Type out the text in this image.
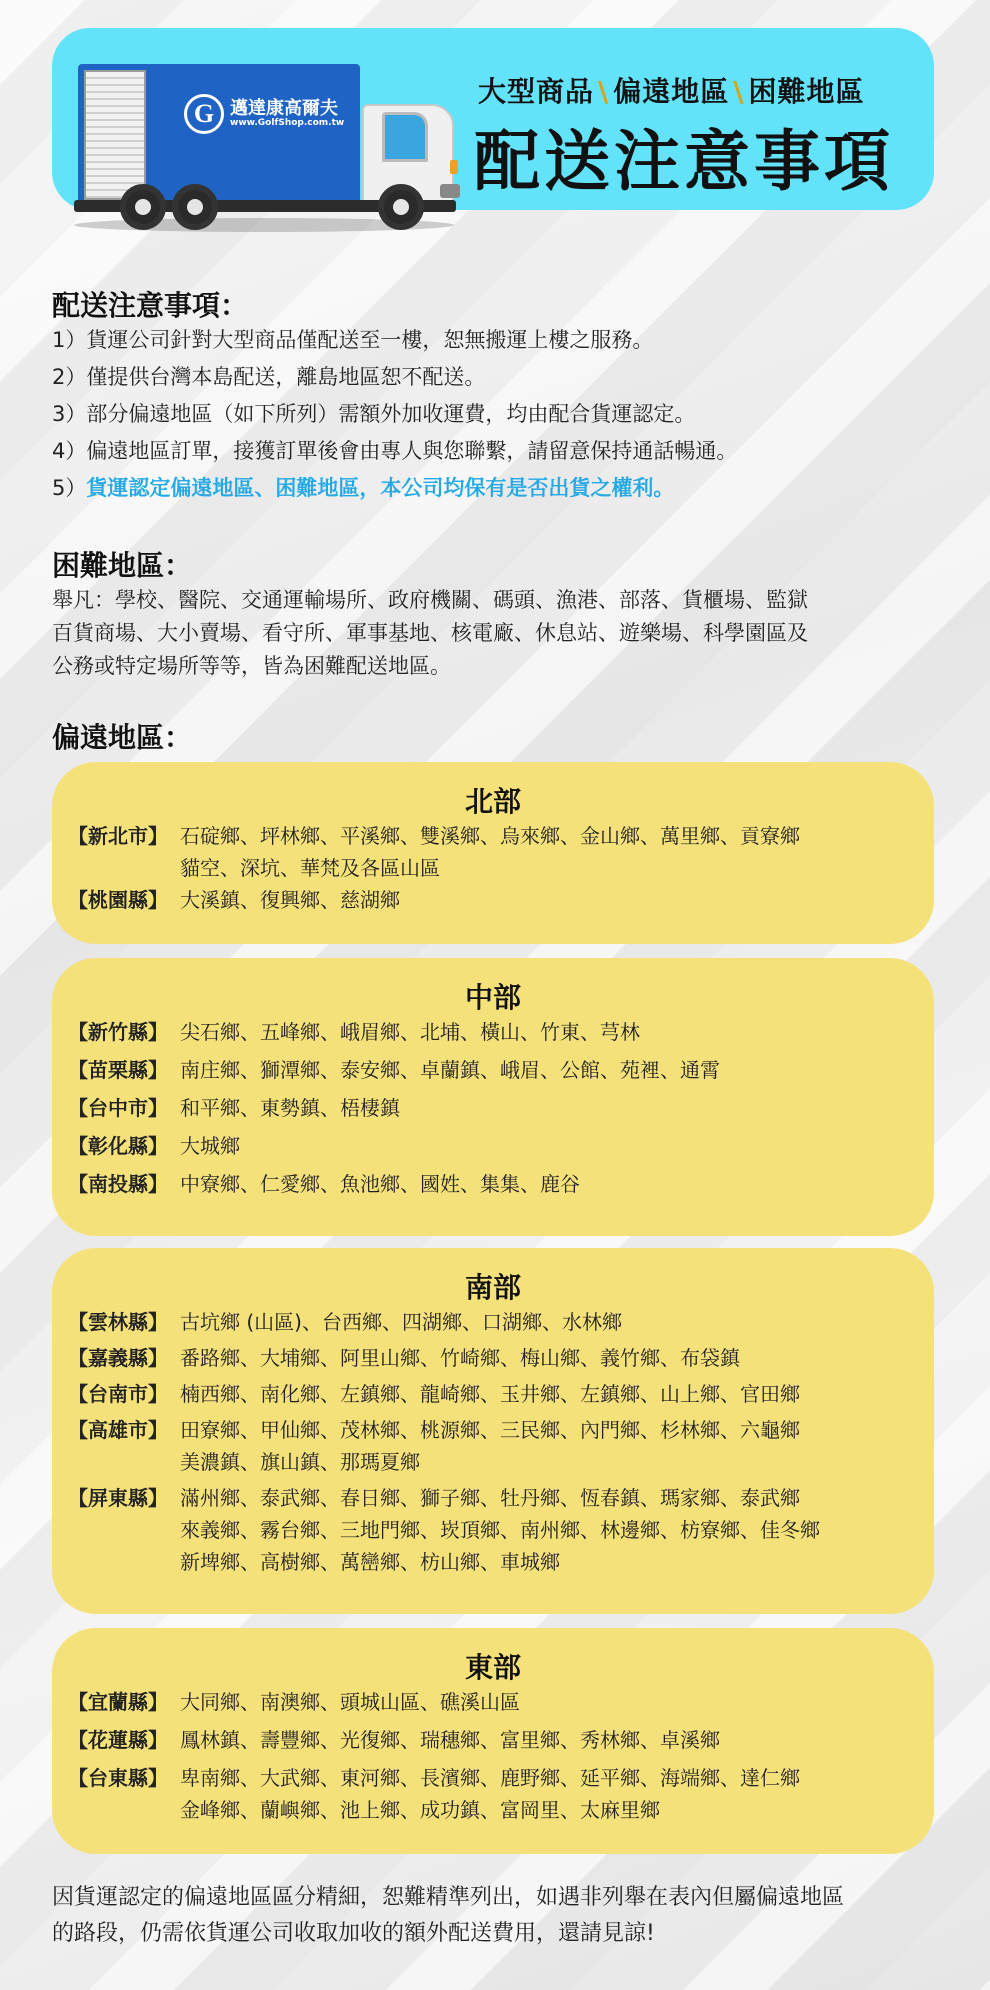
G 邁達康高爾夫
www.GolfShop.com.tw
大型商品 \ 偏遠地區 \ 困難地區
配送注意事項
配送注意事項：
1）貨運公司針對大型商品僅配送至一樓，恕無搬運上樓之服務。
2）僅提供台灣本島配送，離島地區恕不配送。
3）部分偏遠地區（如下所列）需額外加收運費，均由配合貨運認定。
4）偏遠地區訂單，接獲訂單後會由專人與您聯繫，請留意保持通話暢通。
5）貨運認定偏遠地區、困難地區，本公司均保有是否出貨之權利。
困難地區：
舉凡：學校、醫院、交通運輸場所、政府機關、碼頭、漁港、部落、貨櫃場、監獄
百貨商場、大小賣場、看守所、軍事基地、核電廠、休息站、遊樂場、科學園區及
公務或特定場所等等，皆為困難配送地區。
偏遠地區：
北部
【新北市】 石碇鄉、坪林鄉、平溪鄉、雙溪鄉、烏來鄉、金山鄉、萬里鄉、貢寮鄉
貓空、深坑、華梵及各區山區
【桃園縣】 大溪鎮、復興鄉、慈湖鄉
中部
【新竹縣】 尖石鄉、五峰鄉、峨眉鄉、北埔、橫山、竹東、芎林
【苗栗縣】 南庄鄉、獅潭鄉、泰安鄉、卓蘭鎮、峨眉、公館、苑裡、通霄
【台中市】 和平鄉、東勢鎮、梧棲鎮
【彰化縣】 大城鄉
【南投縣】 中寮鄉、仁愛鄉、魚池鄉、國姓、集集、鹿谷
南部
【雲林縣】 古坑鄉 (山區)、台西鄉、四湖鄉、口湖鄉、水林鄉
【嘉義縣】 番路鄉、大埔鄉、阿里山鄉、竹崎鄉、梅山鄉、義竹鄉、布袋鎮
【台南市】 楠西鄉、南化鄉、左鎮鄉、龍崎鄉、玉井鄉、左鎮鄉、山上鄉、官田鄉
【高雄市】 田寮鄉、甲仙鄉、茂林鄉、桃源鄉、三民鄉、內門鄉、杉林鄉、六龜鄉
美濃鎮、旗山鎮、那瑪夏鄉
【屏東縣】 滿州鄉、泰武鄉、春日鄉、獅子鄉、牡丹鄉、恆春鎮、瑪家鄉、泰武鄉
來義鄉、霧台鄉、三地門鄉、崁頂鄉、南州鄉、林邊鄉、枋寮鄉、佳冬鄉
新埤鄉、高樹鄉、萬巒鄉、枋山鄉、車城鄉
東部
【宜蘭縣】 大同鄉、南澳鄉、頭城山區、礁溪山區
【花蓮縣】 鳳林鎮、壽豐鄉、光復鄉、瑞穗鄉、富里鄉、秀林鄉、卓溪鄉
【台東縣】 卑南鄉、大武鄉、東河鄉、長濱鄉、鹿野鄉、延平鄉、海端鄉、達仁鄉
金峰鄉、蘭嶼鄉、池上鄉、成功鎮、富岡里、太麻里鄉
因貨運認定的偏遠地區區分精細，恕難精準列出，如遇非列舉在表內但屬偏遠地區
的路段，仍需依貨運公司收取加收的額外配送費用，還請見諒!
